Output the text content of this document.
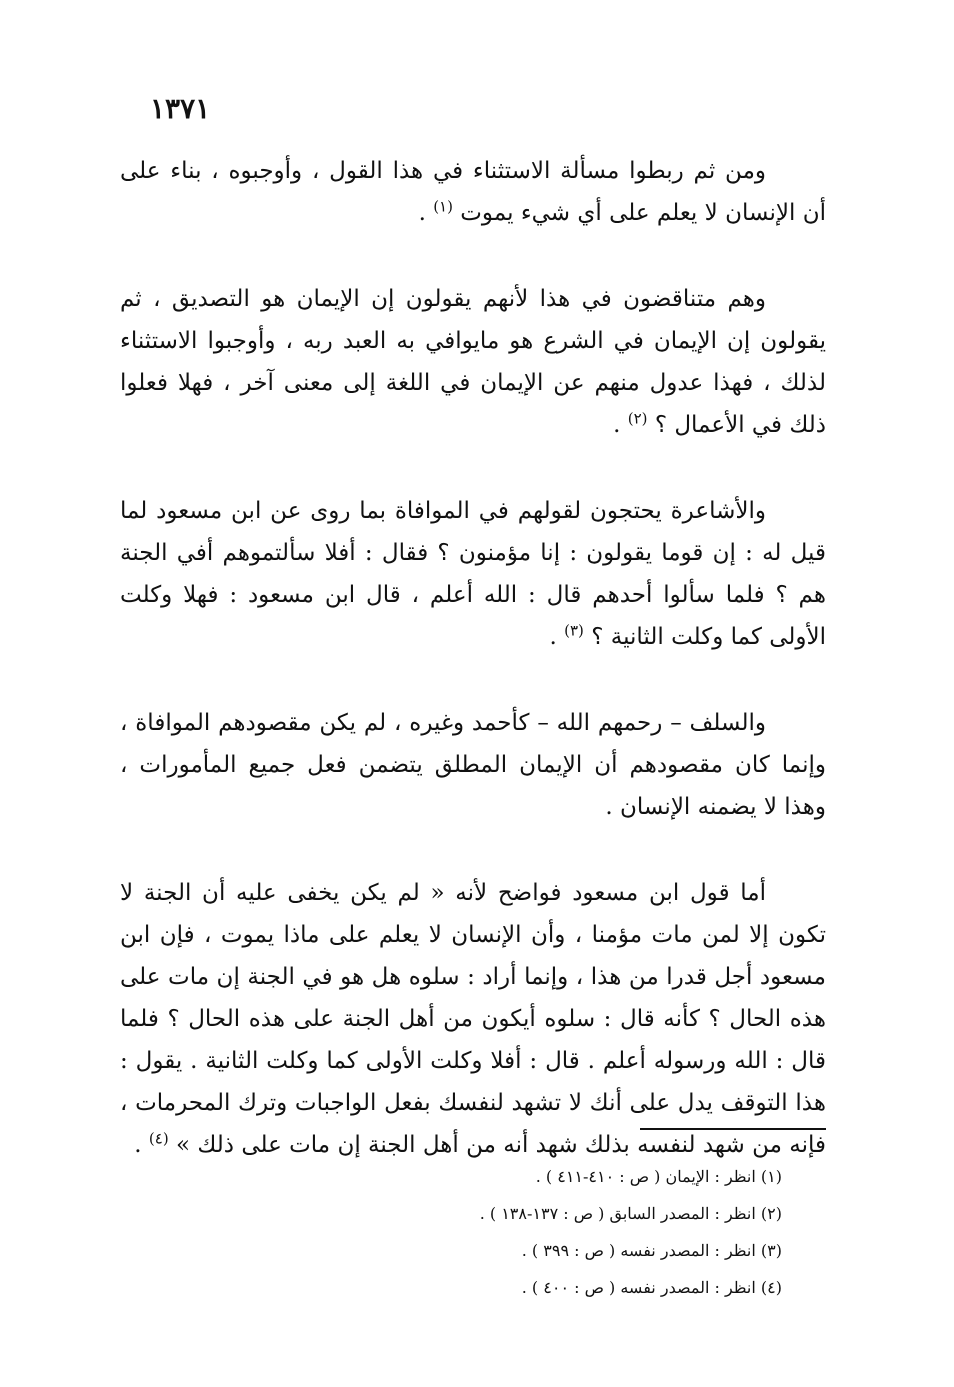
١٣٧١

ومن ثم ربطوا مسألة الاستثناء في هذا القول ، وأوجبوه ، بناء على أن الإنسان لا يعلم على أي شيء يموت $^{(١)}$ .

وهم متناقضون في هذا لأنهم يقولون إن الإيمان هو التصديق ، ثم يقولون إن الإيمان في الشرع هو مايوافي به العبد ربه ، وأوجبوا الاستثناء لذلك ، فهذا عدول منهم عن الإيمان في اللغة إلى معنى آخر ، فهلا فعلوا ذلك في الأعمال ؟ $^{(٢)}$ .

والأشاعرة يحتجون لقولهم في الموافاة بما روى عن ابن مسعود لما قيل له : إن قوما يقولون : إنا مؤمنون ؟ فقال : أفلا سألتموهم أفي الجنة هم ؟ فلما سألوا أحدهم قال : الله أعلم ، قال ابن مسعود : فهلا وكلت الأولى كما وكلت الثانية ؟ $^{(٣)}$ .

والسلف – رحمهم الله – كأحمد وغيره ، لم يكن مقصودهم الموافاة ، وإنما كان مقصودهم أن الإيمان المطلق يتضمن فعل جميع المأمورات ، وهذا لا يضمنه الإنسان .

أما قول ابن مسعود فواضح لأنه « لم يكن يخفى عليه أن الجنة لا تكون إلا لمن مات مؤمنا ، وأن الإنسان لا يعلم على ماذا يموت ، فإن ابن مسعود أجل قدرا من هذا ، وإنما أراد : سلوه هل هو في الجنة إن مات على هذه الحال ؟ كأنه قال : سلوه أيكون من أهل الجنة على هذه الحال ؟ فلما قال : الله ورسوله أعلم . قال : أفلا وكلت الأولى كما وكلت الثانية . يقول : هذا التوقف يدل على أنك لا تشهد لنفسك بفعل الواجبات وترك المحرمات ، فإنه من شهد لنفسه بذلك شهد أنه من أهل الجنة إن مات على ذلك » $^{(٤)}$ .

(١) انظر : الإيمان ( ص : ٤١٠-٤١١ ) .

(٢) انظر : المصدر السابق ( ص : ١٣٧-١٣٨ ) .

(٣) انظر : المصدر نفسه ( ص : ٣٩٩ ) .

(٤) انظر : المصدر نفسه ( ص : ٤٠٠ ) .
